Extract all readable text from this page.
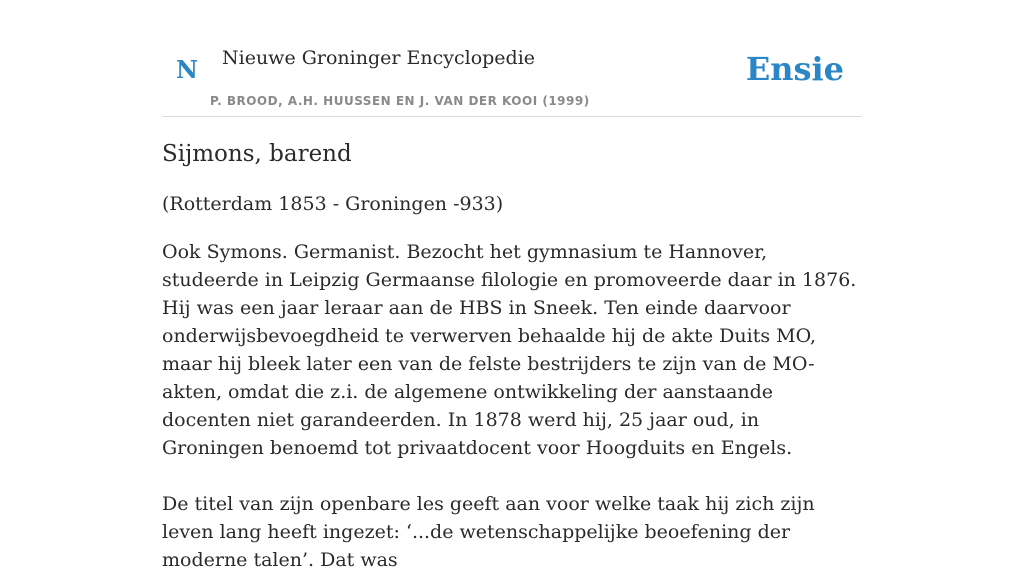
N Nieuwe Groninger Encyclopedie
P. BROOD, A.H. HUUSSEN EN J. VAN DER KOOI (1999)
Ensie
Sijmons, barend

(Rotterdam 1853 - Groningen -933)

Ook Symons. Germanist. Bezocht het gymnasium te Hannover, studeerde in Leipzig Germaanse filologie en promoveerde daar in 1876. Hij was een jaar leraar aan de HBS in Sneek. Ten einde daarvoor onderwijsbevoegdheid te verwerven behaalde hij de akte Duits MO, maar hij bleek later een van de felste bestrijders te zijn van de MO-akten, omdat die z.i. de algemene ontwikkeling der aanstaande docenten niet garandeerden. In 1878 werd hij, 25 jaar oud, in Groningen benoemd tot privaatdocent voor Hoogduits en Engels.

De titel van zijn openbare les geeft aan voor welke taak hij zich zijn leven lang heeft ingezet: ‘...de wetenschappelijke beoefening der moderne talen’. Dat was
